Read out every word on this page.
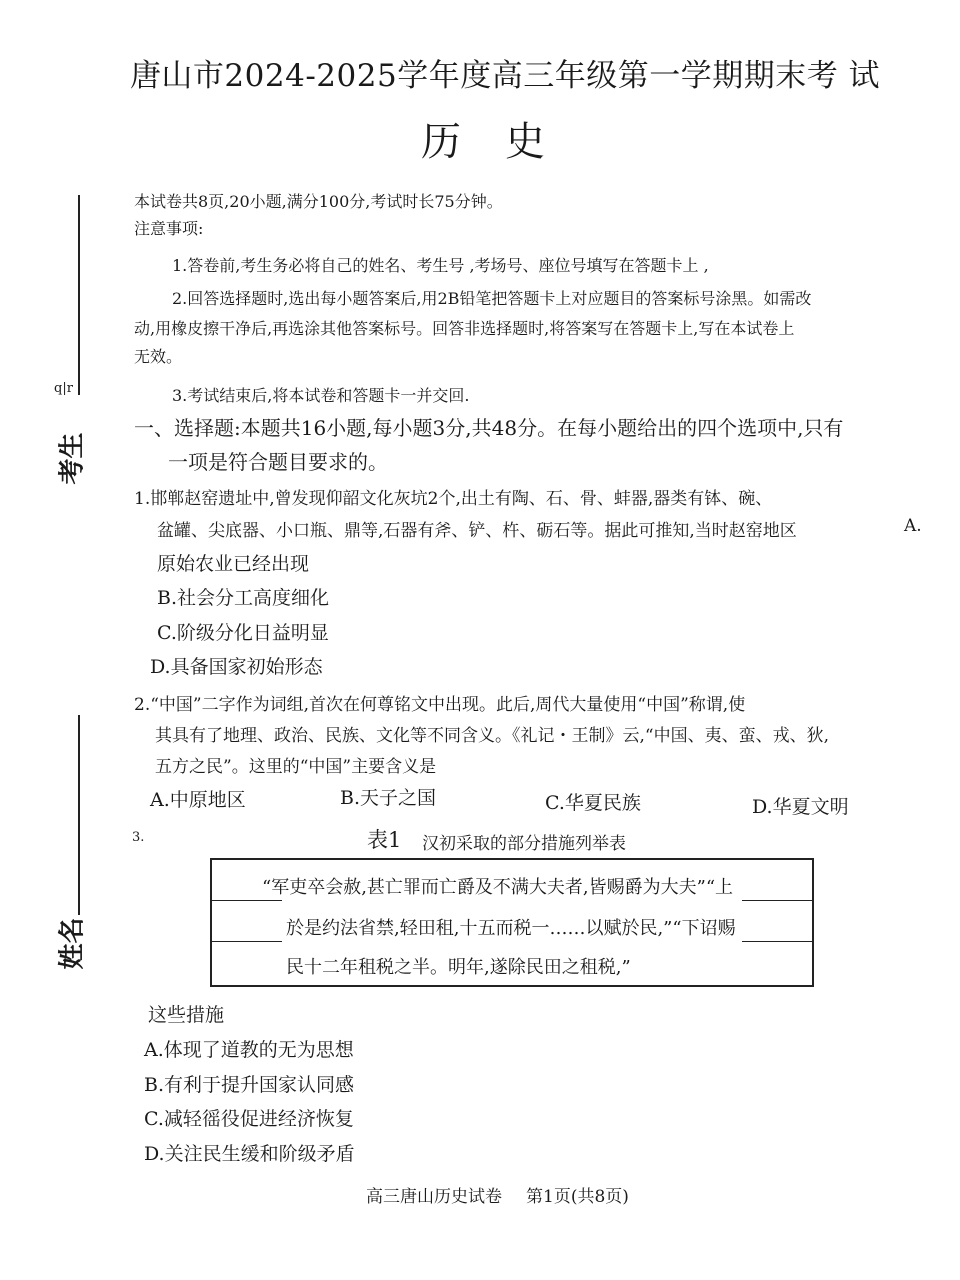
唐山市2024-2025学年度高三年级第一学期期末考 试
历史
q|r
考生
姓名
本试卷共8页,20小题,满分100分,考试时长75分钟。
注意事项:
1.答卷前,考生务必将自己的姓名、考生号 ,考场号、座位号填写在答题卡上 ,
2.回答选择题时,选出每小题答案后,用2B铅笔把答题卡上对应题目的答案标号涂黑。如需改
动,用橡皮擦干净后,再选涂其他答案标号。回答非选择题时,将答案写在答题卡上,写在本试卷上
无效。
3.考试结束后,将本试卷和答题卡一并交回.
一、选择题:本题共16小题,每小题3分,共48分。在每小题给出的四个选项中,只有
一项是符合题目要求的。
1.邯郸赵窑遗址中,曾发现仰韶文化灰坑2个,出土有陶、石、骨、蚌器,器类有钵、碗、
盆罐、尖底器、小口瓶、鼎等,石器有斧、铲、杵、砺石等。据此可推知,当时赵窑地区	A.
原始农业已经出现
B.社会分工高度细化
C.阶级分化日益明显
D.具备国家初始形态
2.“中国”二字作为词组,首次在何尊铭文中出现。此后,周代大量使用“中国”称谓,使
其具有了地理、政治、民族、文化等不同含义。《礼记・王制》云,“中国、夷、蛮、戎、狄,
五方之民”。这里的“中国”主要含义是
A.中原地区	B.天子之国	C.华夏民族	D.华夏文明
3.	表1 汉初采取的部分措施列举表
“军吏卒会赦,甚亡罪而亡爵及不满大夫者,皆赐爵为大夫”“上
於是约法省禁,轻田租,十五而税一……以赋於民,”“下诏赐
民十二年租税之半。明年,遂除民田之租税,”
这些措施
A.体现了道教的无为思想
B.有利于提升国家认同感
C.减轻徭役促进经济恢复
D.关注民生缓和阶级矛盾
高三唐山历史试卷 第1页(共8页)
